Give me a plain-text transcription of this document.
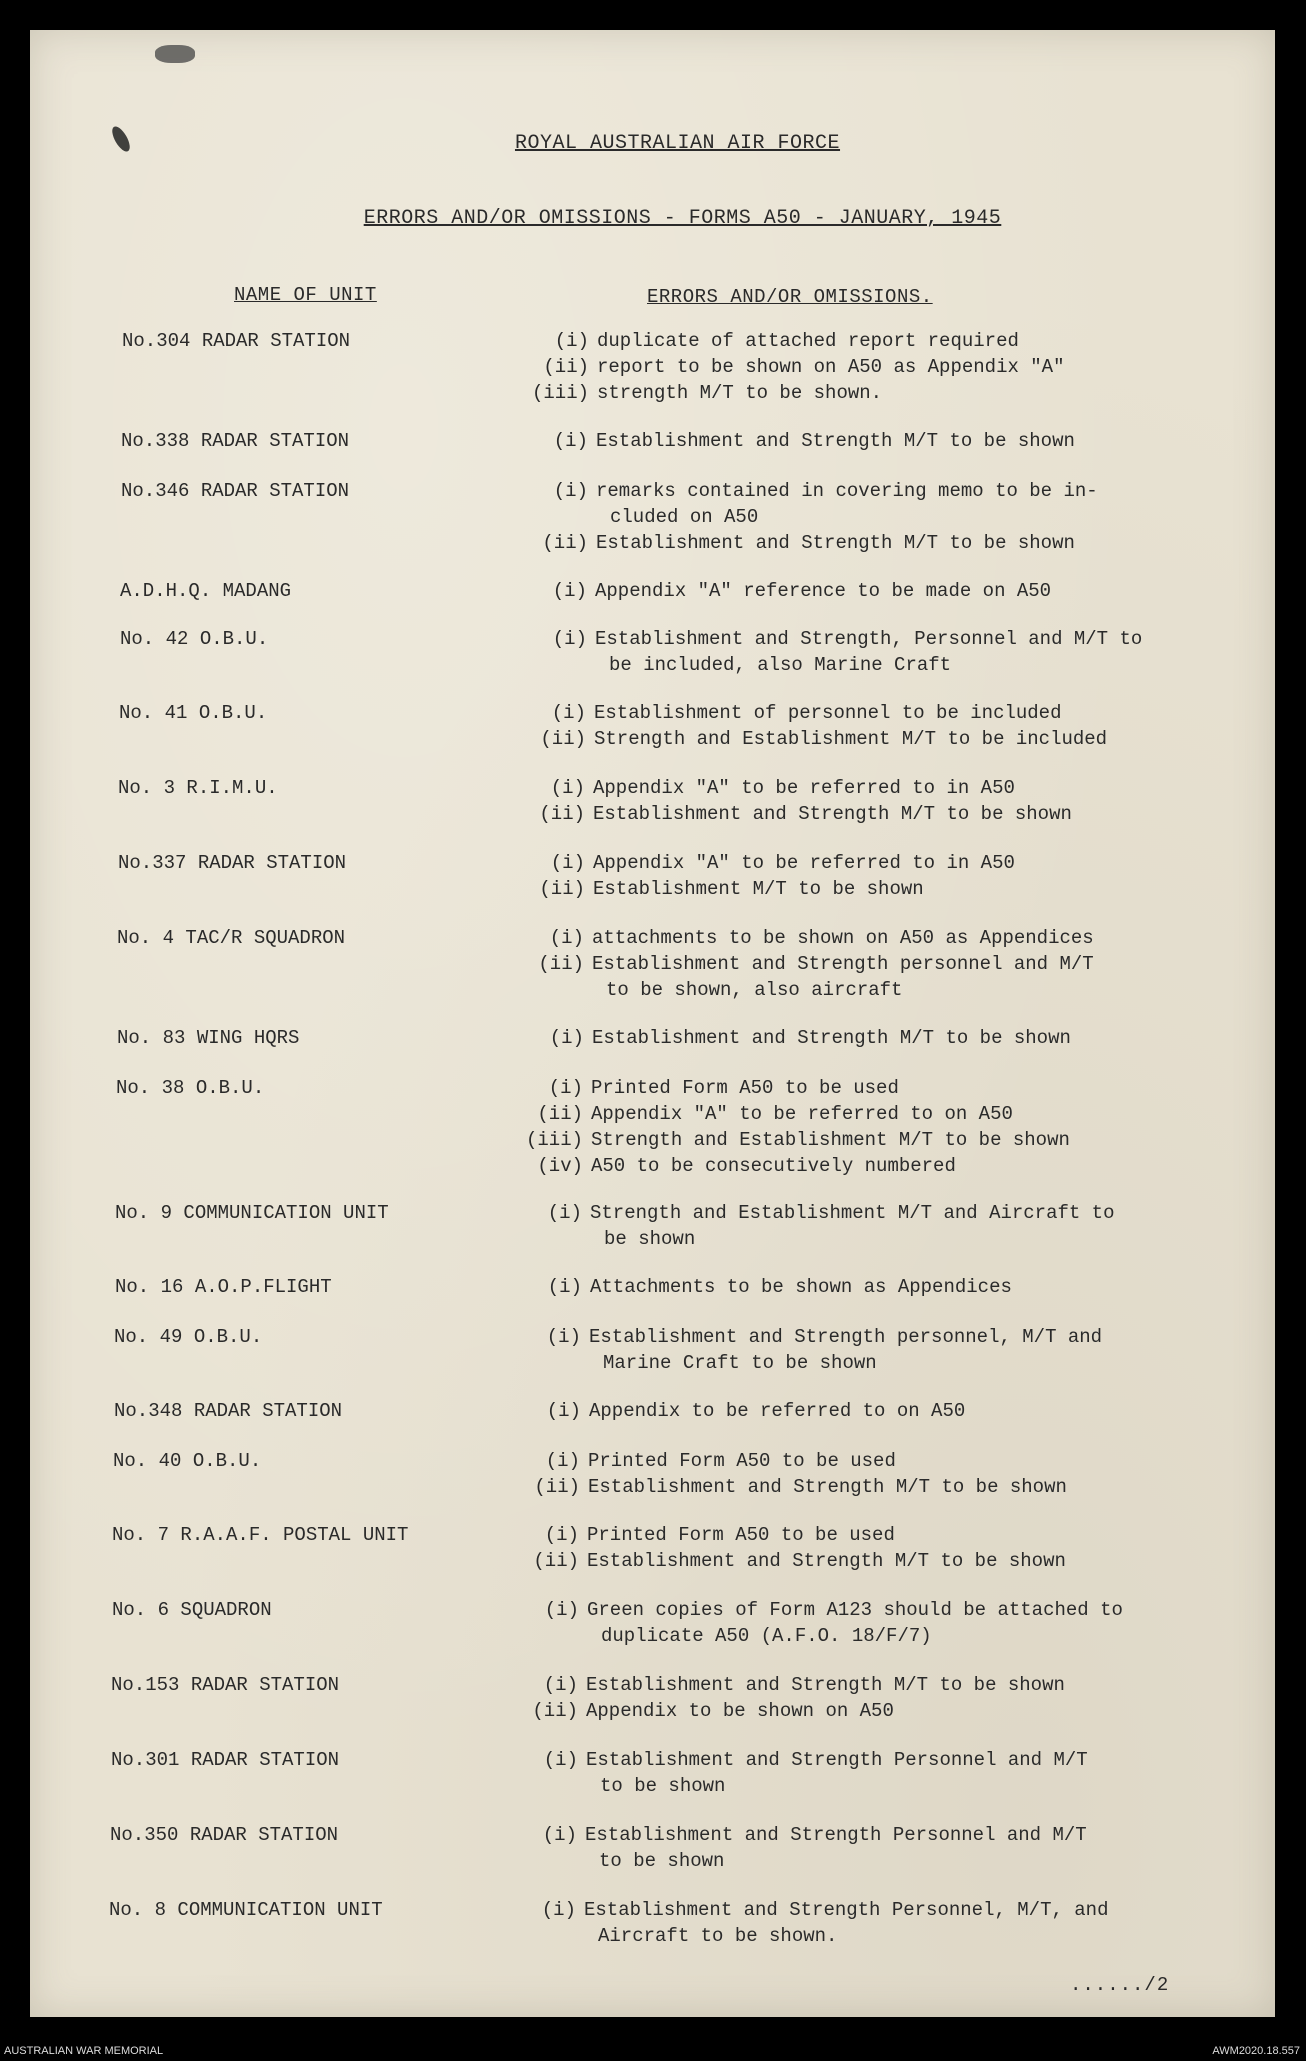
ROYAL AUSTRALIAN AIR FORCE
ERRORS AND/OR OMISSIONS - FORMS A50 - JANUARY, 1945
NAME OF UNIT	ERRORS AND/OR OMISSIONS.
No.304 RADAR STATION	(i) duplicate of attached report required
(ii) report to be shown on A50 as Appendix "A"
(iii) strength M/T to be shown.
No.338 RADAR STATION	(i) Establishment and Strength M/T to be shown
No.346 RADAR STATION	(i) remarks contained in covering memo to be in-
cluded on A50
(ii) Establishment and Strength M/T to be shown
A.D.H.Q. MADANG	(i) Appendix "A" reference to be made on A50
No. 42 O.B.U.	(i) Establishment and Strength, Personnel and M/T to
be included, also Marine Craft
No. 41 O.B.U.	(i) Establishment of personnel to be included
(ii) Strength and Establishment M/T to be included
No. 3 R.I.M.U.	(i) Appendix "A" to be referred to in A50
(ii) Establishment and Strength M/T to be shown
No.337 RADAR STATION	(i) Appendix "A" to be referred to in A50
(ii) Establishment M/T to be shown
No. 4 TAC/R SQUADRON	(i) attachments to be shown on A50 as Appendices
(ii) Establishment and Strength personnel and M/T
to be shown, also aircraft
No. 83 WING HQRS	(i) Establishment and Strength M/T to be shown
No. 38 O.B.U.	(i) Printed Form A50 to be used
(ii) Appendix "A" to be referred to on A50
(iii) Strength and Establishment M/T to be shown
(iv) A50 to be consecutively numbered
No. 9 COMMUNICATION UNIT	(i) Strength and Establishment M/T and Aircraft to
be shown
No. 16 A.O.P.FLIGHT	(i) Attachments to be shown as Appendices
No. 49 O.B.U.	(i) Establishment and Strength personnel, M/T and
Marine Craft to be shown
No.348 RADAR STATION	(i) Appendix to be referred to on A50
No. 40 O.B.U.	(i) Printed Form A50 to be used
(ii) Establishment and Strength M/T to be shown
No. 7 R.A.A.F. POSTAL UNIT	(i) Printed Form A50 to be used
(ii) Establishment and Strength M/T to be shown
No. 6 SQUADRON	(i) Green copies of Form A123 should be attached to
duplicate A50 (A.F.O. 18/F/7)
No.153 RADAR STATION	(i) Establishment and Strength M/T to be shown
(ii) Appendix to be shown on A50
No.301 RADAR STATION	(i) Establishment and Strength Personnel and M/T
to be shown
No.350 RADAR STATION	(i) Establishment and Strength Personnel and M/T
to be shown
No. 8 COMMUNICATION UNIT	(i) Establishment and Strength Personnel, M/T, and
Aircraft to be shown.
....../2
AUSTRALIAN WAR MEMORIAL	AWM2020.18.557
